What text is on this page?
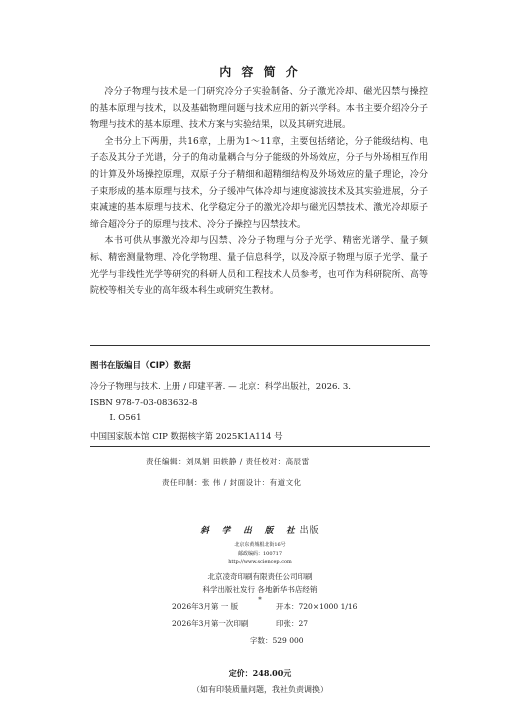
内 容 简 介

冷分子物理与技术是一门研究冷分子实验制备、分子激光冷却、磁光囚禁与操控的基本原理与技术，以及基础物理问题与技术应用的新兴学科。本书主要介绍冷分子物理与技术的基本原理、技术方案与实验结果，以及其研究进展。

全书分上下两册，共16章，上册为1～11章，主要包括绪论，分子能级结构、电子态及其分子光谱，分子的角动量耦合与分子能级的外场效应，分子与外场相互作用的计算及外场操控原理，双原子分子精细和超精细结构及外场效应的量子理论，冷分子束形成的基本原理与技术，分子缓冲气体冷却与速度滤波技术及其实验进展，分子束减速的基本原理与技术、化学稳定分子的激光冷却与磁光囚禁技术、激光冷却原子缔合超冷分子的原理与技术、冷分子操控与囚禁技术。

本书可供从事激光冷却与囚禁、冷分子物理与分子光学、精密光谱学、量子频标、精密测量物理、冷化学物理、量子信息科学，以及冷原子物理与原子光学、量子光学与非线性光学等研究的科研人员和工程技术人员参考，也可作为科研院所、高等院校等相关专业的高年级本科生或研究生教材。

图书在版编目（CIP）数据
冷分子物理与技术. 上册 / 印建平著. — 北京：科学出版社，2026. 3.
ISBN 978-7-03-083632-8
Ⅰ. O561
中国国家版本馆 CIP 数据核字第 2025K1A114 号
责任编辑：刘凤娟 田轶静 / 责任校对：高辰雷
责任印制：张 伟 / 封面设计：有道文化
斜 学 出 版 社出版
北京东黄城根北街16号
邮政编码：100717
http://www.sciencep.com
北京凌奇印刷有限责任公司印刷
科学出版社发行 各地新华书店经销
*
2026年3月第 一 版	开本：720×1000 1/16
2026年3月第一次印刷	印张：27
字数：529 000
定价：248.00元
（如有印装质量问题，我社负责调换）
